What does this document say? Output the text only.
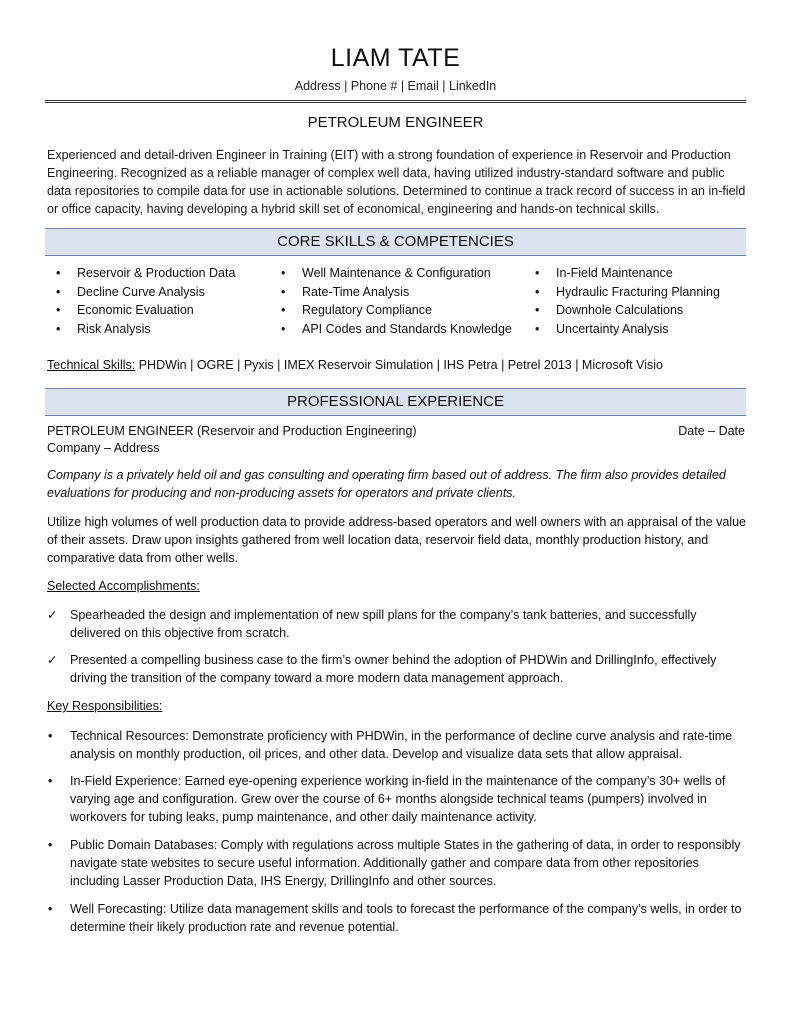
LIAM TATE
Address | Phone # | Email | LinkedIn
PETROLEUM ENGINEER
Experienced and detail-driven Engineer in Training (EIT) with a strong foundation of experience in Reservoir and Production Engineering. Recognized as a reliable manager of complex well data, having utilized industry-standard software and public data repositories to compile data for use in actionable solutions. Determined to continue a track record of success in an in-field or office capacity, having developing a hybrid skill set of economical, engineering and hands-on technical skills.
CORE SKILLS & COMPETENCIES
• Reservoir & Production Data
• Decline Curve Analysis
• Economic Evaluation
• Risk Analysis
• Well Maintenance & Configuration
• Rate-Time Analysis
• Regulatory Compliance
• API Codes and Standards Knowledge
• In-Field Maintenance
• Hydraulic Fracturing Planning
• Downhole Calculations
• Uncertainty Analysis
Technical Skills: PHDWin | OGRE | Pyxis | IMEX Reservoir Simulation | IHS Petra | Petrel 2013 | Microsoft Visio
PROFESSIONAL EXPERIENCE
PETROLEUM ENGINEER (Reservoir and Production Engineering)	Date – Date
Company – Address
Company is a privately held oil and gas consulting and operating firm based out of address. The firm also provides detailed evaluations for producing and non-producing assets for operators and private clients.
Utilize high volumes of well production data to provide address-based operators and well owners with an appraisal of the value of their assets. Draw upon insights gathered from well location data, reservoir field data, monthly production history, and comparative data from other wells.
Selected Accomplishments:
✓ Spearheaded the design and implementation of new spill plans for the company’s tank batteries, and successfully delivered on this objective from scratch.
✓ Presented a compelling business case to the firm’s owner behind the adoption of PHDWin and DrillingInfo, effectively driving the transition of the company toward a more modern data management approach.
Key Responsibilities:
• Technical Resources: Demonstrate proficiency with PHDWin, in the performance of decline curve analysis and rate-time analysis on monthly production, oil prices, and other data. Develop and visualize data sets that allow appraisal.
• In-Field Experience: Earned eye-opening experience working in-field in the maintenance of the company’s 30+ wells of varying age and configuration. Grew over the course of 6+ months alongside technical teams (pumpers) involved in workovers for tubing leaks, pump maintenance, and other daily maintenance activity.
• Public Domain Databases: Comply with regulations across multiple States in the gathering of data, in order to responsibly navigate state websites to secure useful information. Additionally gather and compare data from other repositories including Lasser Production Data, IHS Energy, DrillingInfo and other sources.
• Well Forecasting: Utilize data management skills and tools to forecast the performance of the company’s wells, in order to determine their likely production rate and revenue potential.
